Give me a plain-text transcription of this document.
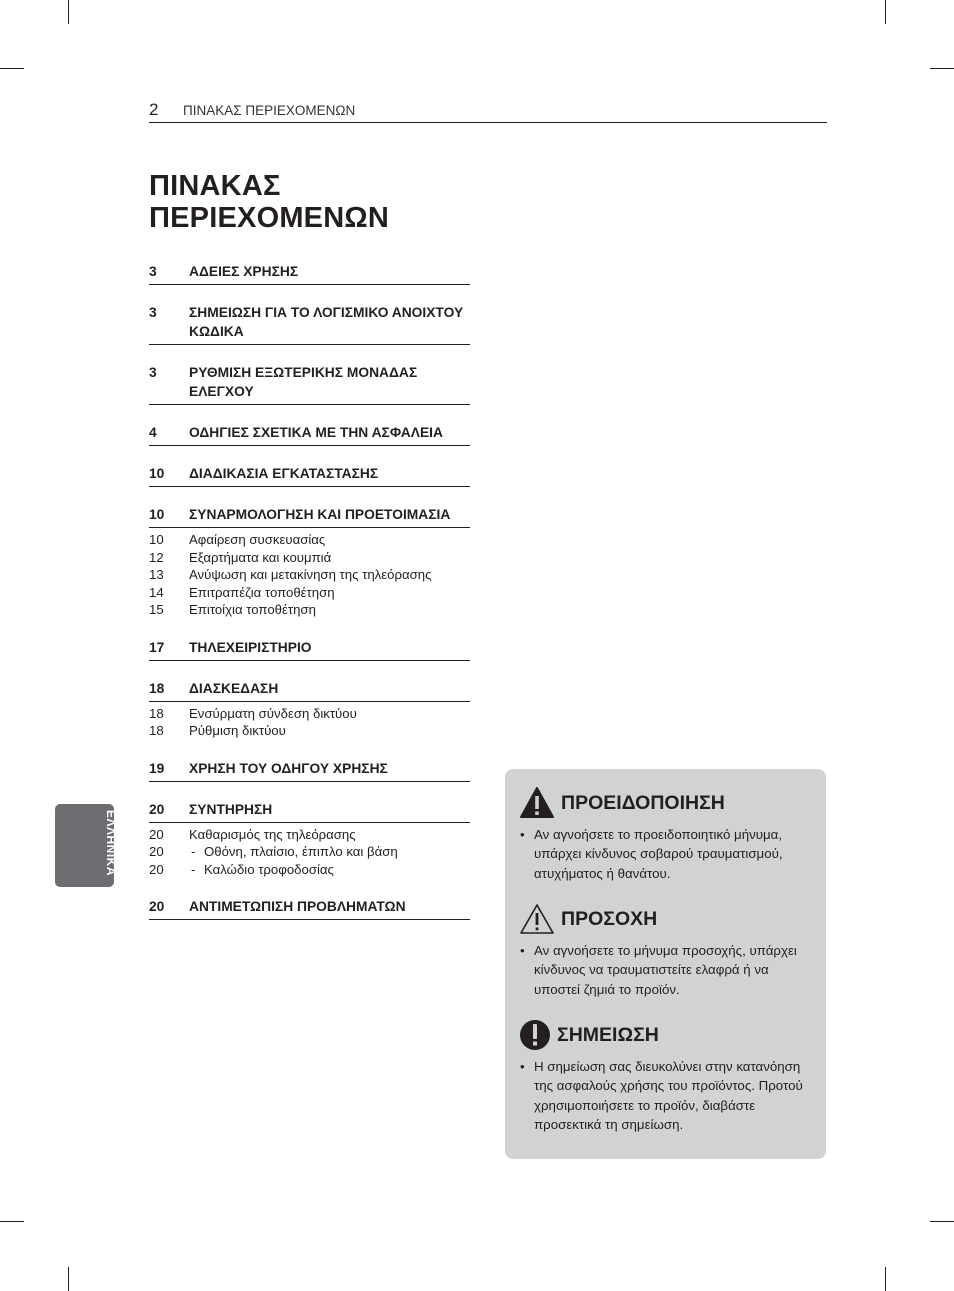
2 ΠΙΝΑΚΑΣ ΠΕΡΙΕΧΟΜΕΝΩΝ
ΠΙΝΑΚΑΣ
ΠΕΡΙΕΧΟΜΕΝΩΝ
3	ΑΔΕΙΕΣ ΧΡΗΣΗΣ
3	ΣΗΜΕΙΩΣΗ ΓΙΑ ΤΟ ΛΟΓΙΣΜΙΚΟ ΑΝΟΙΧΤΟΥ ΚΩΔΙΚΑ
3	ΡΥΘΜΙΣΗ ΕΞΩΤΕΡΙΚΗΣ ΜΟΝΑΔΑΣ ΕΛΕΓΧΟΥ
4	ΟΔΗΓΙΕΣ ΣΧΕΤΙΚΑ ΜΕ ΤΗΝ ΑΣΦΑΛΕΙΑ
10	ΔΙΑΔΙΚΑΣΙΑ ΕΓΚΑΤΑΣΤΑΣΗΣ
10	ΣΥΝΑΡΜΟΛΟΓΗΣΗ ΚΑΙ ΠΡΟΕΤΟΙΜΑΣΙΑ
10	Αφαίρεση συσκευασίας
12	Εξαρτήματα και κουμπιά
13	Ανύψωση και μετακίνηση της τηλεόρασης
14	Επιτραπέζια τοποθέτηση
15	Επιτοίχια τοποθέτηση
17	ΤΗΛΕΧΕΙΡΙΣΤΗΡΙΟ
18	ΔΙΑΣΚΕΔΑΣΗ
18	Ενσύρματη σύνδεση δικτύου
18	Ρύθμιση δικτύου
19	ΧΡΗΣΗ ΤΟΥ ΟΔΗΓΟΥ ΧΡΗΣΗΣ
20	ΣΥΝΤΗΡΗΣΗ
20	Καθαρισμός της τηλεόρασης
20	- Οθόνη, πλαίσιο, έπιπλο και βάση
20	- Καλώδιο τροφοδοσίας
20	ΑΝΤΙΜΕΤΩΠΙΣΗ ΠΡΟΒΛΗΜΑΤΩΝ
ΕΛΛΗΝΙΚΑ
ΠΡΟΕΙΔΟΠΟΙΗΣΗ
• Αν αγνοήσετε το προειδοποιητικό μήνυμα, υπάρχει κίνδυνος σοβαρού τραυματισμού, ατυχήματος ή θανάτου.
ΠΡΟΣΟΧΗ
• Αν αγνοήσετε το μήνυμα προσοχής, υπάρχει κίνδυνος να τραυματιστείτε ελαφρά ή να υποστεί ζημιά το προϊόν.
ΣΗΜΕΙΩΣΗ
• Η σημείωση σας διευκολύνει στην κατανόηση της ασφαλούς χρήσης του προϊόντος. Προτού χρησιμοποιήσετε το προϊόν, διαβάστε προσεκτικά τη σημείωση.
